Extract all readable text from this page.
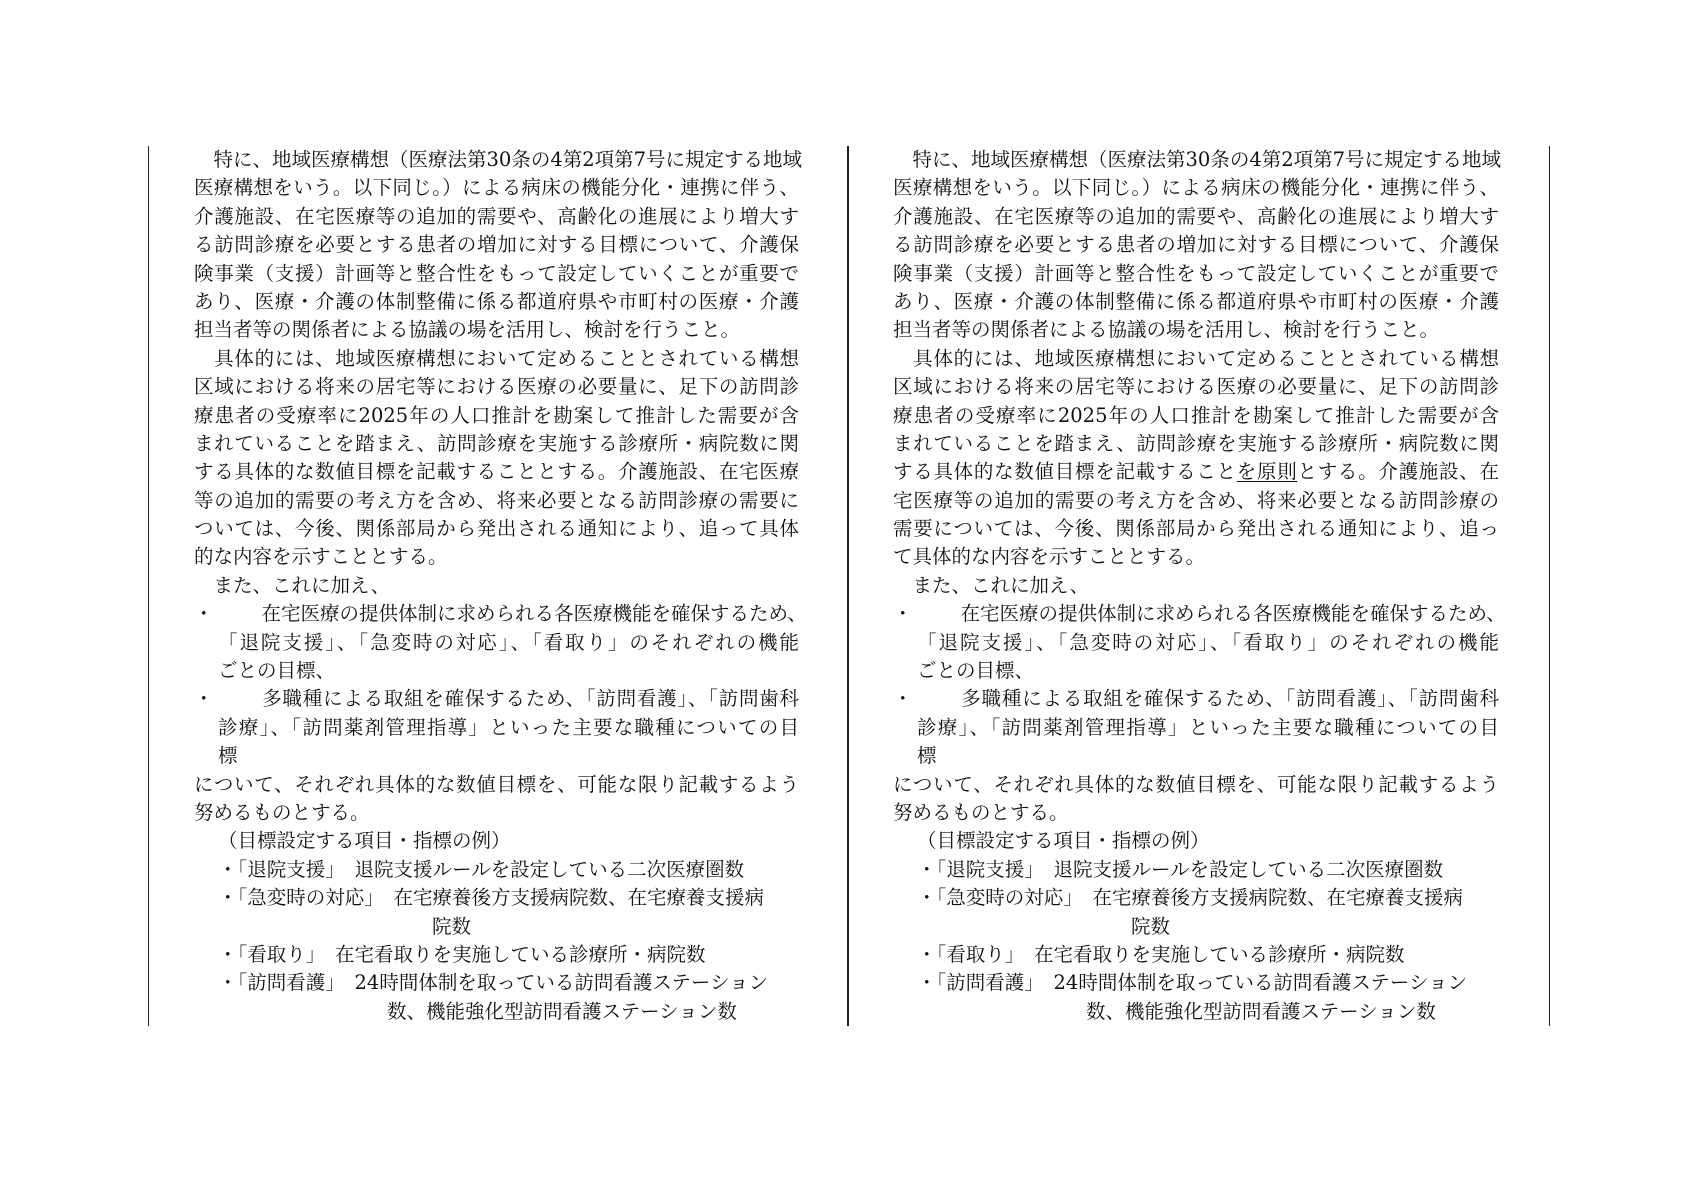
　特に、地域医療構想（医療法第30条の4第2項第7号に規定する地域
医療構想をいう。以下同じ。）による病床の機能分化・連携に伴う、
介護施設、在宅医療等の追加的需要や、高齢化の進展により増大す
る訪問診療を必要とする患者の増加に対する目標について、介護保
険事業（支援）計画等と整合性をもって設定していくことが重要で
あり、医療・介護の体制整備に係る都道府県や市町村の医療・介護
担当者等の関係者による協議の場を活用し、検討を行うこと。
　具体的には、地域医療構想において定めることとされている構想
区域における将来の居宅等における医療の必要量に、足下の訪問診
療患者の受療率に2025年の人口推計を勘案して推計した需要が含
まれていることを踏まえ、訪問診療を実施する診療所・病院数に関
する具体的な数値目標を記載することとする。介護施設、在宅医療
等の追加的需要の考え方を含め、将来必要となる訪問診療の需要に
ついては、今後、関係部局から発出される通知により、追って具体
的な内容を示すこととする。
　また、これに加え、
・	　在宅医療の提供体制に求められる各医療機能を確保するため、
「退院支援」、「急変時の対応」、「看取り」のそれぞれの機能
ごとの目標、
・	　多職種による取組を確保するため、「訪問看護」、「訪問歯科
診療」、「訪問薬剤管理指導」といった主要な職種についての目
標
について、それぞれ具体的な数値目標を、可能な限り記載するよう
努めるものとする。
（目標設定する項目・指標の例）
・「退院支援」　退院支援ルールを設定している二次医療圏数
・「急変時の対応」　在宅療養後方支援病院数、在宅療養支援病
院数
・「看取り」　在宅看取りを実施している診療所・病院数
・「訪問看護」　24時間体制を取っている訪問看護ステーション
数、機能強化型訪問看護ステーション数
　特に、地域医療構想（医療法第30条の4第2項第7号に規定する地域
医療構想をいう。以下同じ。）による病床の機能分化・連携に伴う、
介護施設、在宅医療等の追加的需要や、高齢化の進展により増大す
る訪問診療を必要とする患者の増加に対する目標について、介護保
険事業（支援）計画等と整合性をもって設定していくことが重要で
あり、医療・介護の体制整備に係る都道府県や市町村の医療・介護
担当者等の関係者による協議の場を活用し、検討を行うこと。
　具体的には、地域医療構想において定めることとされている構想
区域における将来の居宅等における医療の必要量に、足下の訪問診
療患者の受療率に2025年の人口推計を勘案して推計した需要が含
まれていることを踏まえ、訪問診療を実施する診療所・病院数に関
する具体的な数値目標を記載することを原則とする。介護施設、在
宅医療等の追加的需要の考え方を含め、将来必要となる訪問診療の
需要については、今後、関係部局から発出される通知により、追っ
て具体的な内容を示すこととする。
　また、これに加え、
・	　在宅医療の提供体制に求められる各医療機能を確保するため、
「退院支援」、「急変時の対応」、「看取り」のそれぞれの機能
ごとの目標、
・	　多職種による取組を確保するため、「訪問看護」、「訪問歯科
診療」、「訪問薬剤管理指導」といった主要な職種についての目
標
について、それぞれ具体的な数値目標を、可能な限り記載するよう
努めるものとする。
（目標設定する項目・指標の例）
・「退院支援」　退院支援ルールを設定している二次医療圏数
・「急変時の対応」　在宅療養後方支援病院数、在宅療養支援病
院数
・「看取り」　在宅看取りを実施している診療所・病院数
・「訪問看護」　24時間体制を取っている訪問看護ステーション
数、機能強化型訪問看護ステーション数
